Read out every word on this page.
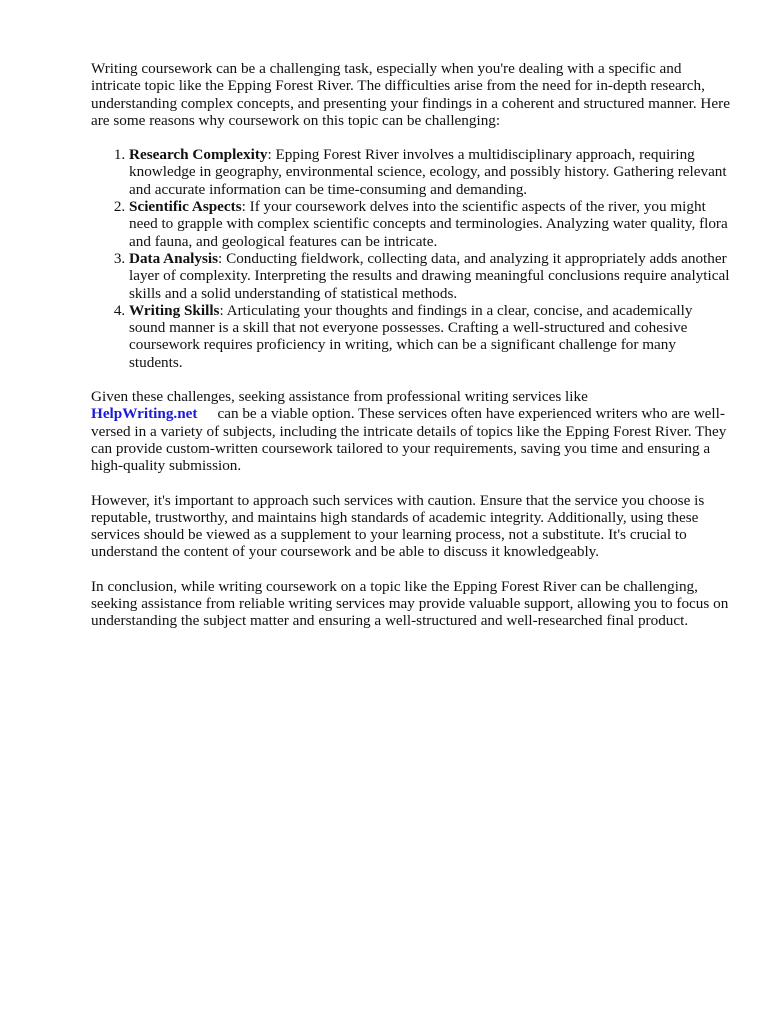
Writing coursework can be a challenging task, especially when you're dealing with a specific and intricate topic like the Epping Forest River. The difficulties arise from the need for in-depth research, understanding complex concepts, and presenting your findings in a coherent and structured manner. Here are some reasons why coursework on this topic can be challenging:

1. Research Complexity: Epping Forest River involves a multidisciplinary approach, requiring knowledge in geography, environmental science, ecology, and possibly history. Gathering relevant and accurate information can be time-consuming and demanding.
2. Scientific Aspects: If your coursework delves into the scientific aspects of the river, you might need to grapple with complex scientific concepts and terminologies. Analyzing water quality, flora and fauna, and geological features can be intricate.
3. Data Analysis: Conducting fieldwork, collecting data, and analyzing it appropriately adds another layer of complexity. Interpreting the results and drawing meaningful conclusions require analytical skills and a solid understanding of statistical methods.
4. Writing Skills: Articulating your thoughts and findings in a clear, concise, and academically sound manner is a skill that not everyone possesses. Crafting a well-structured and cohesive coursework requires proficiency in writing, which can be a significant challenge for many students.

Given these challenges, seeking assistance from professional writing services like
HelpWriting.net can be a viable option. These services often have experienced writers who are well-versed in a variety of subjects, including the intricate details of topics like the Epping Forest River. They can provide custom-written coursework tailored to your requirements, saving you time and ensuring a high-quality submission.

However, it's important to approach such services with caution. Ensure that the service you choose is reputable, trustworthy, and maintains high standards of academic integrity. Additionally, using these services should be viewed as a supplement to your learning process, not a substitute. It's crucial to understand the content of your coursework and be able to discuss it knowledgeably.

In conclusion, while writing coursework on a topic like the Epping Forest River can be challenging, seeking assistance from reliable writing services may provide valuable support, allowing you to focus on understanding the subject matter and ensuring a well-structured and well-researched final product.
